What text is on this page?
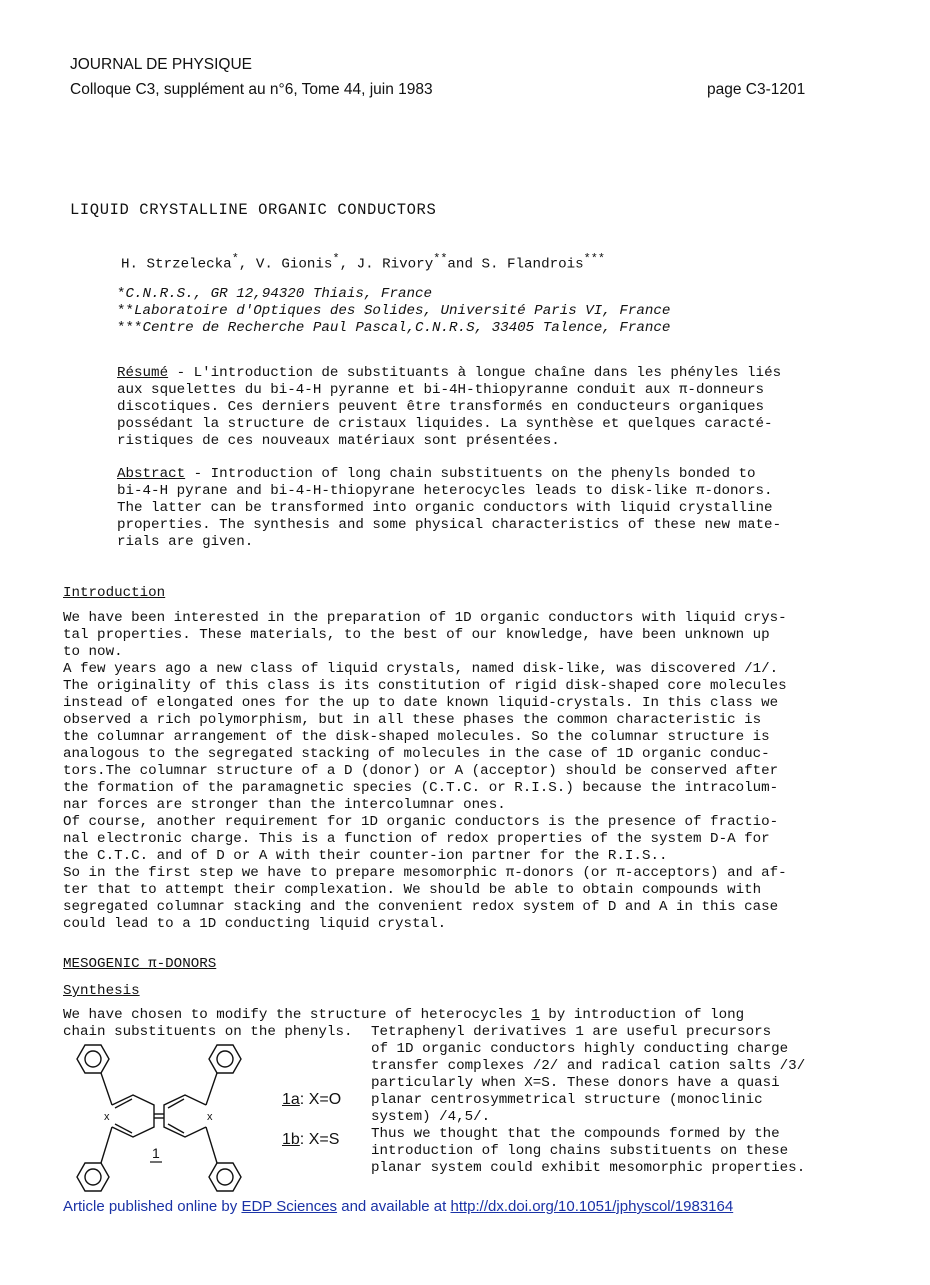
JOURNAL DE PHYSIQUE
Colloque C3, supplément au n°6, Tome 44, juin 1983	page C3-1201
LIQUID CRYSTALLINE ORGANIC CONDUCTORS
H. Strzelecka*, V. Gionis*, J. Rivory**and S. Flandrois***
*C.N.R.S., GR 12,94320 Thiais, France
**Laboratoire d'Optiques des Solides, Université Paris VI, France
***Centre de Recherche Paul Pascal,C.N.R.S, 33405 Talence, France
Résumé - L'introduction de substituants à longue chaîne dans les phényles liés
aux squelettes du bi-4-H pyranne et bi-4H-thiopyranne conduit aux π-donneurs
discotiques. Ces derniers peuvent être transformés en conducteurs organiques
possédant la structure de cristaux liquides. La synthèse et quelques caracté-
ristiques de ces nouveaux matériaux sont présentées.
Abstract - Introduction of long chain substituents on the phenyls bonded to
bi-4-H pyrane and bi-4-H-thiopyrane heterocycles leads to disk-like π-donors.
The latter can be transformed into organic conductors with liquid crystalline
properties. The synthesis and some physical characteristics of these new mate-
rials are given.
Introduction
We have been interested in the preparation of 1D organic conductors with liquid crys-
tal properties. These materials, to the best of our knowledge, have been unknown up
to now.
A few years ago a new class of liquid crystals, named disk-like, was discovered /1/.
The originality of this class is its constitution of rigid disk-shaped core molecules
instead of elongated ones for the up to date known liquid-crystals. In this class we
observed a rich polymorphism, but in all these phases the common characteristic is
the columnar arrangement of the disk-shaped molecules. So the columnar structure is
analogous to the segregated stacking of molecules in the case of 1D organic conduc-
tors.The columnar structure of a D (donor) or A (acceptor) should be conserved after
the formation of the paramagnetic species (C.T.C. or R.I.S.) because the intracolum-
nar forces are stronger than the intercolumnar ones.
Of course, another requirement for 1D organic conductors is the presence of fractio-
nal electronic charge. This is a function of redox properties of the system D-A for
the C.T.C. and of D or A with their counter-ion partner for the R.I.S..
So in the first step we have to prepare mesomorphic π-donors (or π-acceptors) and af-
ter that to attempt their complexation. We should be able to obtain compounds with
segregated columnar stacking and the convenient redox system of D and A in this case
could lead to a 1D conducting liquid crystal.
MESOGENIC π-DONORS
Synthesis
We have chosen to modify the structure of heterocycles 1 by introduction of long
chain substituents on the phenyls. Tetraphenyl derivatives 1 are useful precursors
of 1D organic conductors highly conducting charge
transfer complexes /2/ and radical cation salts /3/
particularly when X=S. These donors have a quasi
planar centrosymmetrical structure (monoclinic
system) /4,5/.
Thus we thought that the compounds formed by the
introduction of long chains substituents on these
planar system could exhibit mesomorphic properties.
x	x
1
1a: X=O
1b: X=S
Article published online by EDP Sciences and available at http://dx.doi.org/10.1051/jphyscol/1983164
